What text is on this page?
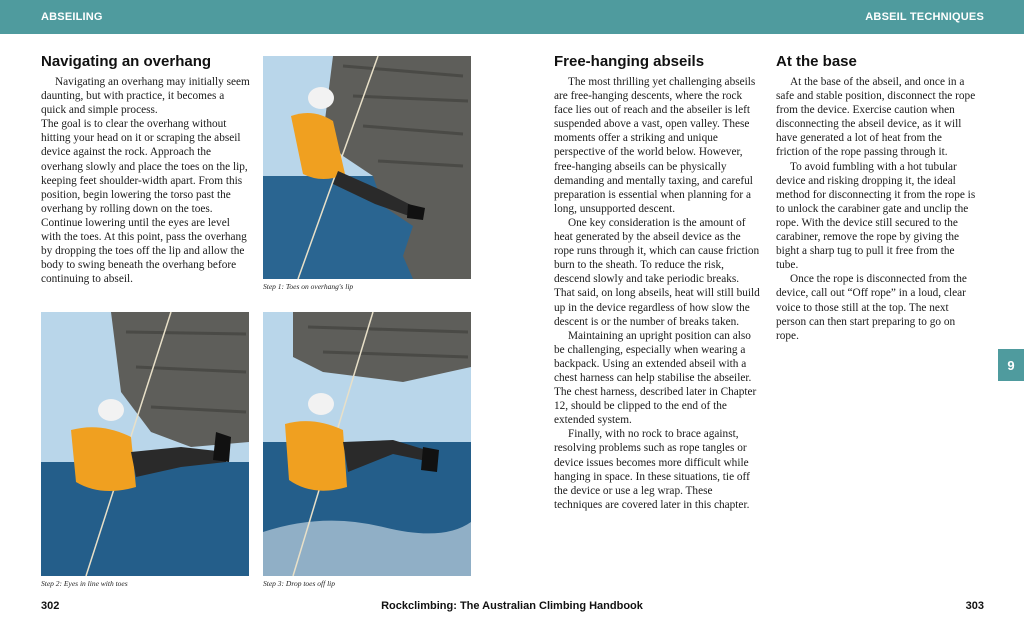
ABSEILING	ABSEIL TECHNIQUES
Navigating an overhang

Navigating an overhang may initially seem daunting, but with practice, it becomes a quick and simple process.

The goal is to clear the overhang without hitting your head on it or scraping the abseil device against the rock. Approach the overhang slowly and place the toes on the lip, keeping feet shoulder-width apart. From this position, begin lowering the torso past the overhang by rolling down on the toes. Continue lowering until the eyes are level with the toes. At this point, pass the overhang by dropping the toes off the lip and allow the body to swing beneath the overhang before continuing to abseil.

Step 1: Toes on overhang's lip
Step 2: Eyes in line with toes	Step 3: Drop toes off lip
Free-hanging abseils

The most thrilling yet challenging abseils are free-hanging descents, where the rock face lies out of reach and the abseiler is left suspended above a vast, open valley. These moments offer a striking and unique perspective of the world below. However, free-hanging abseils can be physically demanding and mentally taxing, and careful preparation is essential when planning for a long, unsupported descent.

One key consideration is the amount of heat generated by the abseil device as the rope runs through it, which can cause friction burn to the sheath. To reduce the risk, descend slowly and take periodic breaks. That said, on long abseils, heat will still build up in the device regardless of how slow the descent is or the number of breaks taken.

Maintaining an upright position can also be challenging, especially when wearing a backpack. Using an extended abseil with a chest harness can help stabilise the abseiler. The chest harness, described later in Chapter 12, should be clipped to the end of the extended system.

Finally, with no rock to brace against, resolving problems such as rope tangles or device issues becomes more difficult while hanging in space. In these situations, tie off the device or use a leg wrap. These techniques are covered later in this chapter.

At the base

At the base of the abseil, and once in a safe and stable position, disconnect the rope from the device. Exercise caution when disconnecting the abseil device, as it will have generated a lot of heat from the friction of the rope passing through it.

To avoid fumbling with a hot tubular device and risking dropping it, the ideal method for disconnecting it from the rope is to unlock the carabiner gate and unclip the rope. With the device still secured to the carabiner, remove the rope by giving the bight a sharp tug to pull it free from the tube.

Once the rope is disconnected from the device, call out “Off rope” in a loud, clear voice to those still at the top. The next person can then start preparing to go on rope.

9
302	Rockclimbing: The Australian Climbing Handbook	303
